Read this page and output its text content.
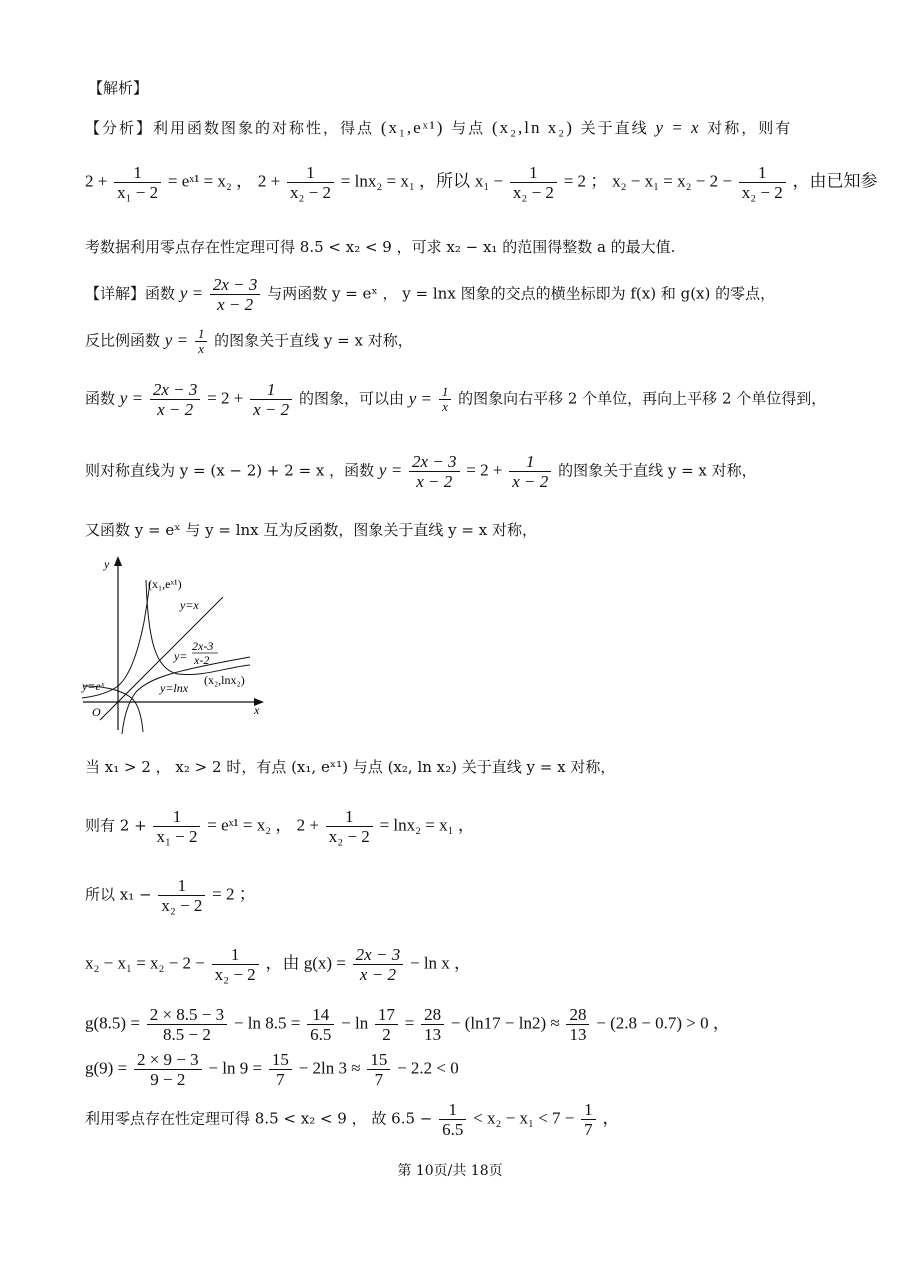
【解析】
【分析】利用函数图象的对称性，得点 (x₁,eˣ¹) 与点 (x₂,ln x₂) 关于直线 y = x 对称，则有
$2 + \frac{1}{\text{x₁ − 2}}$ = eˣ¹ = x₂ ， $2 + \frac{1}{\text{x₂ − 2}} = \ln x_2 = x_1$ ，所以 $x_1 - \frac{1}{\text{x₂ − 2}} = 2$ ； $x_2 - x_1 = x_2 - 2 - \frac{1}{\text{x₂ − 2}}$ ，由已知参
考数据利用零点存在性定理可得 8.5 < x₂ < 9 ，可求 x₂ − x₁ 的范围得整数 a 的最大值.
【详解】函数 $y = \frac{2x - 3}{x - 2}$ 与两函数 y = eˣ ， y = lnx 图象的交点的横坐标即为 f(x) 和 g(x) 的零点，
反比例函数 $y = \frac{1}{x}$ 的图象关于直线 y = x 对称，
函数 $y = \frac{2x - 3}{x - 2} = 2 + \frac{1}{x - 2}$ 的图象，可以由 $y = \frac{1}{x}$ 的图象向右平移 2 个单位，再向上平移 2 个单位得到，
则对称直线为 y = (x − 2) + 2 = x ，函数 $y = \frac{2x - 3}{x - 2} = 2 + \frac{1}{x - 2}$ 的图象关于直线 y = x 对称，
又函数 y = eˣ 与 y = lnx 互为反函数，图象关于直线 y = x 对称，
y
x
O
(x₁,eˣ¹)
y=x
y=
2x-3
x-2
y=eˣ	y=lnx
(x₂,lnx₂)
当 x₁ > 2 ， x₂ > 2 时，有点 (x₁, eˣ¹) 与点 (x₂, ln x₂) 关于直线 y = x 对称，
则有 $2 + \frac{1}{\text{x₁ − 2}}$ = eˣ¹ = x₂ ， $2 + \frac{1}{\text{x₂ − 2}} = \ln x_2 = x_1$ ，
所以 $x_1 - \frac{1}{\text{x₂ − 2}} = 2$ ；
$x_2 - x_1 = x_2 - 2 - \frac{1}{\text{x₂ − 2}}$ ，由 $g(x) = \frac{2x - 3}{x - 2} - \ln x$ ，
$g(8.5) = \frac{2 \times 8.5 - 3}{8.5 - 2} - \ln 8.5 = \frac{14}{6.5} - \ln \frac{17}{2} = \frac{28}{13} - (\ln 17 - \ln 2) \approx \frac{28}{13} - (2.8 - 0.7) > 0$ ，
$g(9) = \frac{2 \times 9 - 3}{9 - 2} - \ln 9 = \frac{15}{7} - 2\ln$ $3 \approx \frac{15}{7} - 2.2 < 0$
利用零点存在性定理可得 8.5 < x₂ < 9 ， 故 $6.5 - \frac{1}{6.5} < x_2 - x_1 < 7 - \frac{1}{7}$ ，
第 10页/共 18页
